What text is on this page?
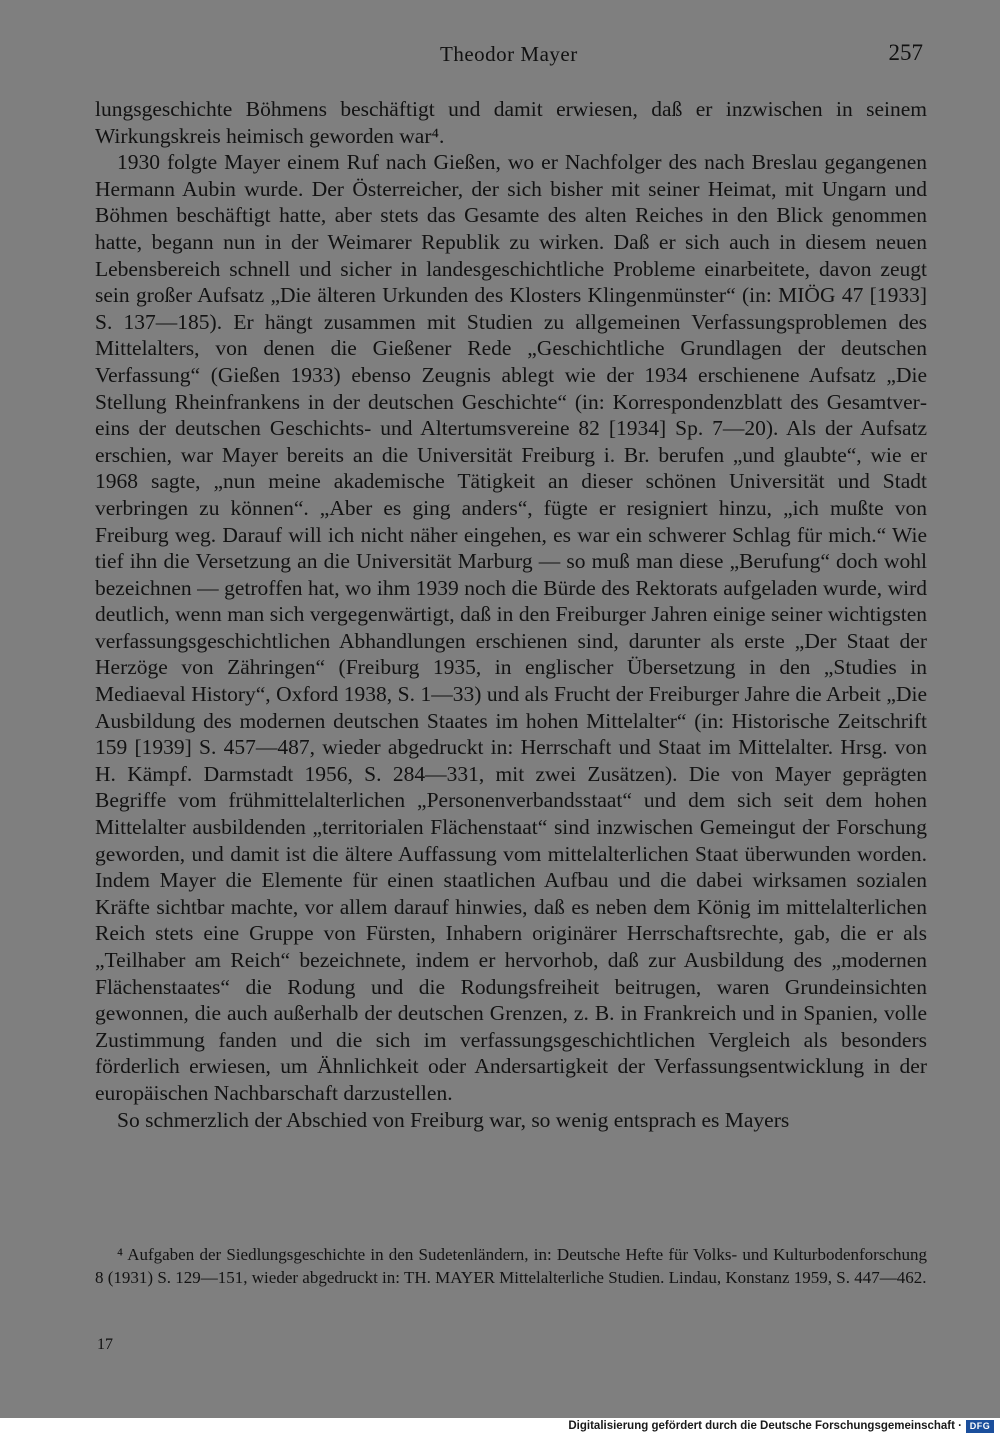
Theodor Mayer	257

lungsgeschichte Böhmens beschäftigt und damit erwiesen, daß er inzwischen in seinem Wirkungskreis heimisch geworden war⁴.

1930 folgte Mayer einem Ruf nach Gießen, wo er Nachfolger des nach Breslau gegangenen Hermann Aubin wurde. Der Österreicher, der sich bisher mit seiner Heimat, mit Ungarn und Böhmen beschäftigt hatte, aber stets das Gesamte des alten Reiches in den Blick genommen hatte, begann nun in der Weimarer Republik zu wirken. Daß er sich auch in diesem neuen Lebensbereich schnell und sicher in landesgeschichtliche Probleme einarbeitete, davon zeugt sein großer Aufsatz „Die älteren Urkunden des Klosters Klingenmünster“ (in: MIÖG 47 [1933] S. 137—185). Er hängt zusammen mit Studien zu allgemeinen Verfassungsproblemen des Mittelalters, von denen die Gießener Rede „Geschichtliche Grundlagen der deutschen Verfassung“ (Gießen 1933) ebenso Zeugnis ablegt wie der 1934 erschienene Aufsatz „Die Stellung Rheinfrankens in der deutschen Geschichte“ (in: Korrespondenzblatt des Gesamtvereins der deutschen Geschichts- und Altertumsvereine 82 [1934] Sp. 7—20). Als der Aufsatz erschien, war Mayer bereits an die Universität Freiburg i. Br. berufen „und glaubte“, wie er 1968 sagte, „nun meine akademische Tätigkeit an dieser schönen Universität und Stadt verbringen zu können“. „Aber es ging anders“, fügte er resigniert hinzu, „ich mußte von Freiburg weg. Darauf will ich nicht näher eingehen, es war ein schwerer Schlag für mich.“ Wie tief ihn die Versetzung an die Universität Marburg — so muß man diese „Berufung“ doch wohl bezeichnen — getroffen hat, wo ihm 1939 noch die Bürde des Rektorats aufgeladen wurde, wird deutlich, wenn man sich vergegenwärtigt, daß in den Freiburger Jahren einige seiner wichtigsten verfassungsgeschichtlichen Abhandlungen erschienen sind, darunter als erste „Der Staat der Herzöge von Zähringen“ (Freiburg 1935, in englischer Übersetzung in den „Studies in Mediaeval History“, Oxford 1938, S. 1—33) und als Frucht der Freiburger Jahre die Arbeit „Die Ausbildung des modernen deutschen Staates im hohen Mittelalter“ (in: Historische Zeitschrift 159 [1939] S. 457—487, wieder abgedruckt in: Herrschaft und Staat im Mittelalter. Hrsg. von H. Kämpf. Darmstadt 1956, S. 284—331, mit zwei Zusätzen). Die von Mayer geprägten Begriffe vom frühmittelalterlichen „Personenverbandsstaat“ und dem sich seit dem hohen Mittelalter ausbildenden „territorialen Flächenstaat“ sind inzwischen Gemeingut der Forschung geworden, und damit ist die ältere Auffassung vom mittelalterlichen Staat überwunden worden. Indem Mayer die Elemente für einen staatlichen Aufbau und die dabei wirksamen sozialen Kräfte sichtbar machte, vor allem darauf hinwies, daß es neben dem König im mittelalterlichen Reich stets eine Gruppe von Fürsten, Inhabern originärer Herrschaftsrechte, gab, die er als „Teilhaber am Reich“ bezeichnete, indem er hervorhob, daß zur Ausbildung des „modernen Flächenstaates“ die Rodung und die Rodungsfreiheit beitrugen, waren Grundeinsichten gewonnen, die auch außerhalb der deutschen Grenzen, z. B. in Frankreich und in Spanien, volle Zustimmung fanden und die sich im verfassungsgeschichtlichen Vergleich als besonders förderlich erwiesen, um Ähnlichkeit oder Andersartigkeit der Verfassungsentwicklung in der europäischen Nachbarschaft darzustellen.

So schmerzlich der Abschied von Freiburg war, so wenig entsprach es Mayers

⁴ Aufgaben der Siedlungsgeschichte in den Sudetenländern, in: Deutsche Hefte für Volks- und Kulturbodenforschung 8 (1931) S. 129—151, wieder abgedruckt in: TH. MAYER Mittelalterliche Studien. Lindau, Konstanz 1959, S. 447—462.
17
Digitalisierung gefördert durch die Deutsche Forschungsgemeinschaft · DFG
